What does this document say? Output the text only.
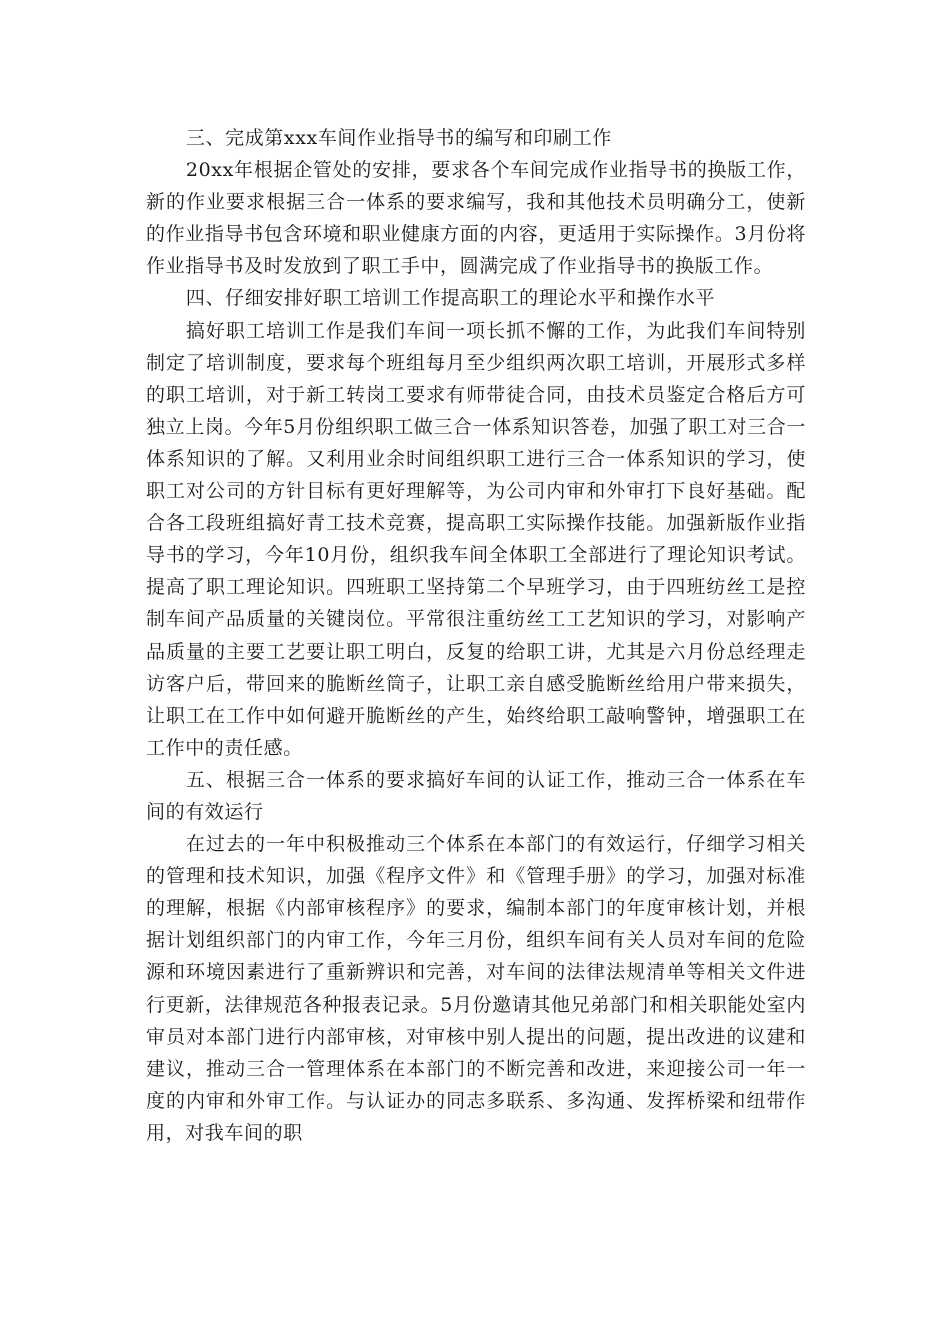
三、完成第xxx车间作业指导书的编写和印刷工作

20xx年根据企管处的安排，要求各个车间完成作业指导书的换版工作，新的作业要求根据三合一体系的要求编写，我和其他技术员明确分工，使新的作业指导书包含环境和职业健康方面的内容，更适用于实际操作。3月份将作业指导书及时发放到了职工手中，圆满完成了作业指导书的换版工作。

四、仔细安排好职工培训工作提高职工的理论水平和操作水平

搞好职工培训工作是我们车间一项长抓不懈的工作，为此我们车间特别制定了培训制度，要求每个班组每月至少组织两次职工培训，开展形式多样的职工培训，对于新工转岗工要求有师带徒合同，由技术员鉴定合格后方可独立上岗。今年5月份组织职工做三合一体系知识答卷，加强了职工对三合一体系知识的了解。又利用业余时间组织职工进行三合一体系知识的学习，使职工对公司的方针目标有更好理解等，为公司内审和外审打下良好基础。配合各工段班组搞好青工技术竞赛，提高职工实际操作技能。加强新版作业指导书的学习，今年10月份，组织我车间全体职工全部进行了理论知识考试。提高了职工理论知识。四班职工坚持第二个早班学习，由于四班纺丝工是控制车间产品质量的关键岗位。平常很注重纺丝工工艺知识的学习，对影响产品质量的主要工艺要让职工明白，反复的给职工讲，尤其是六月份总经理走访客户后，带回来的脆断丝筒子，让职工亲自感受脆断丝给用户带来损失，让职工在工作中如何避开脆断丝的产生，始终给职工敲响警钟，增强职工在工作中的责任感。

五、根据三合一体系的要求搞好车间的认证工作，推动三合一体系在车间的有效运行

在过去的一年中积极推动三个体系在本部门的有效运行，仔细学习相关的管理和技术知识，加强《程序文件》和《管理手册》的学习，加强对标准的理解，根据《内部审核程序》的要求，编制本部门的年度审核计划，并根据计划组织部门的内审工作，今年三月份，组织车间有关人员对车间的危险源和环境因素进行了重新辨识和完善，对车间的法律法规清单等相关文件进行更新，法律规范各种报表记录。5月份邀请其他兄弟部门和相关职能处室内审员对本部门进行内部审核，对审核中别人提出的问题，提出改进的议建和建议，推动三合一管理体系在本部门的不断完善和改进，来迎接公司一年一度的内审和外审工作。与认证办的同志多联系、多沟通、发挥桥梁和纽带作用，对我车间的职
